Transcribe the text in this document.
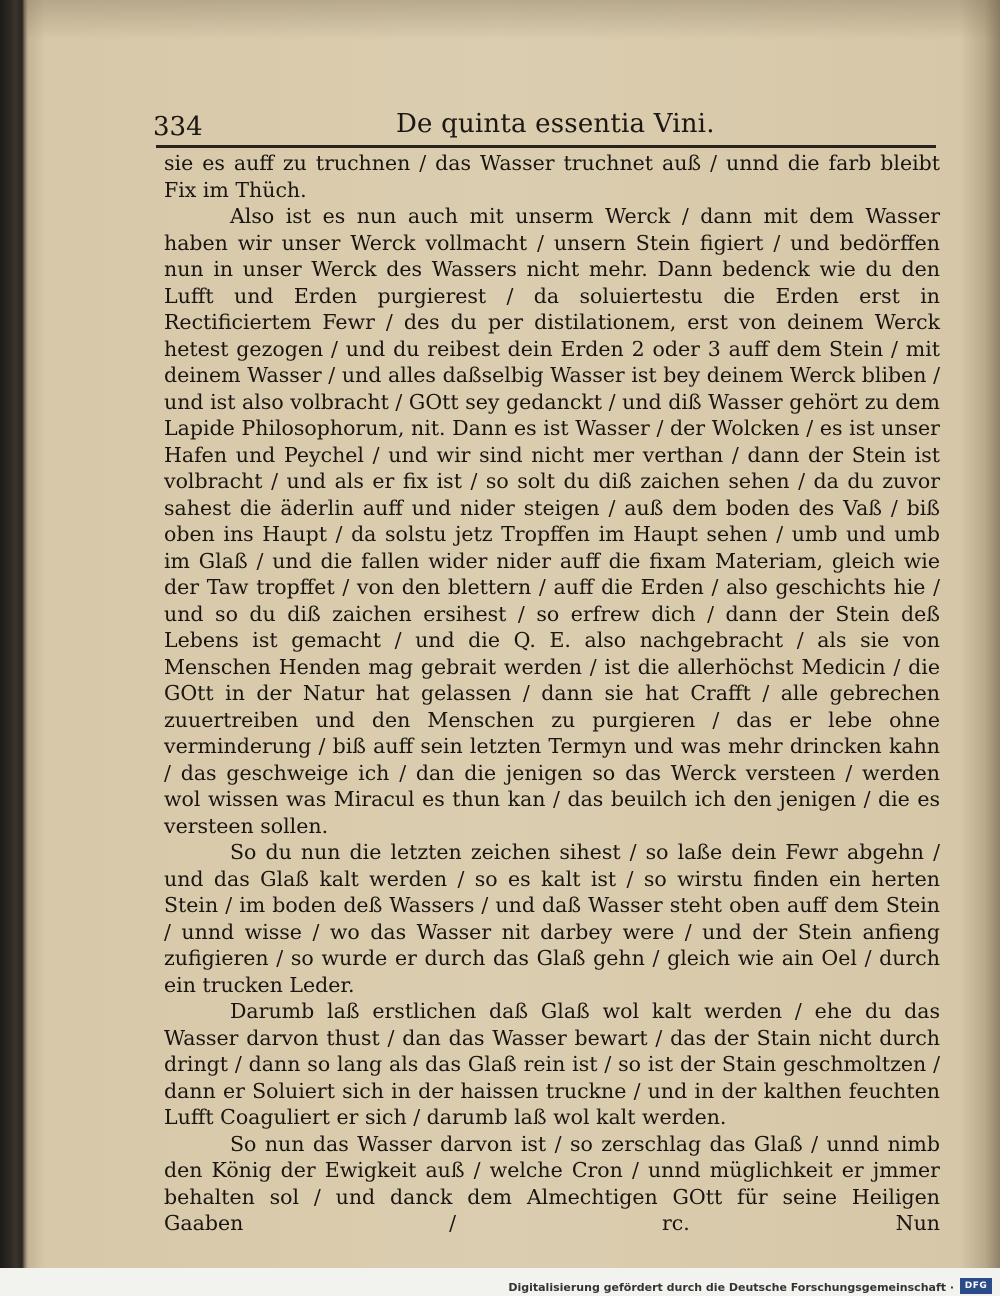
334	De quinta essentia Vini.

sie es auff zu truchnen / das Wasser truchnet auß / unnd die farb bleibt Fix im Thüch.

Also ist es nun auch mit unserm Werck / dann mit dem Wasser haben wir unser Werck vollmacht / unsern Stein figiert / und bedörffen nun in unser Werck des Wassers nicht mehr. Dann bedenck wie du den Lufft und Erden purgierest / da soluiertestu die Erden erst in Rectificiertem Fewr / des du per distilationem, erst von deinem Werck hetest gezogen / und du reibest dein Erden 2 oder 3 auff dem Stein / mit deinem Wasser / und alles daßselbig Wasser ist bey deinem Werck bliben / und ist also volbracht / GOtt sey gedanckt / und diß Wasser gehört zu dem Lapide Philosophorum, nit. Dann es ist Wasser / der Wolcken / es ist unser Hafen und Peychel / und wir sind nicht mer verthan / dann der Stein ist volbracht / und als er fix ist / so solt du diß zaichen sehen / da du zuvor sahest die äderlin auff und nider steigen / auß dem boden des Vaß / biß oben ins Haupt / da solstu jetz Tropffen im Haupt sehen / umb und umb im Glaß / und die fallen wider nider auff die fixam Materiam, gleich wie der Taw tropffet / von den blettern / auff die Erden / also geschichts hie / und so du diß zaichen ersihest / so erfrew dich / dann der Stein deß Lebens ist gemacht / und die Q. E. also nachgebracht / als sie von Menschen Henden mag gebrait werden / ist die allerhöchst Medicin / die GOtt in der Natur hat gelassen / dann sie hat Crafft / alle gebrechen zuuertreiben und den Menschen zu purgieren / das er lebe ohne verminderung / biß auff sein letzten Termyn und was mehr drincken kahn / das geschweige ich / dan die jenigen so das Werck versteen / werden wol wissen was Miracul es thun kan / das beuilch ich den jenigen / die es versteen sollen.

So du nun die letzten zeichen sihest / so laße dein Fewr abgehn / und das Glaß kalt werden / so es kalt ist / so wirstu finden ein herten Stein / im boden deß Wassers / und daß Wasser steht oben auff dem Stein / unnd wisse / wo das Wasser nit darbey were / und der Stein anfieng zufigieren / so wurde er durch das Glaß gehn / gleich wie ain Oel / durch ein trucken Leder.

Darumb laß erstlichen daß Glaß wol kalt werden / ehe du das Wasser darvon thust / dan das Wasser bewart / das der Stain nicht durch dringt / dann so lang als das Glaß rein ist / so ist der Stain geschmoltzen / dann er Soluiert sich in der haissen truckne / und in der kalthen feuchten Lufft Coaguliert er sich / darumb laß wol kalt werden.

So nun das Wasser darvon ist / so zerschlag das Glaß / unnd nimb den König der Ewigkeit auß / welche Cron / unnd müglichkeit er jmmer behalten sol / und danck dem Almechtigen GOtt für seine Heiligen Gaaben / rc. Nun

Digitalisierung gefördert durch die Deutsche Forschungsgemeinschaft ·	DFG
